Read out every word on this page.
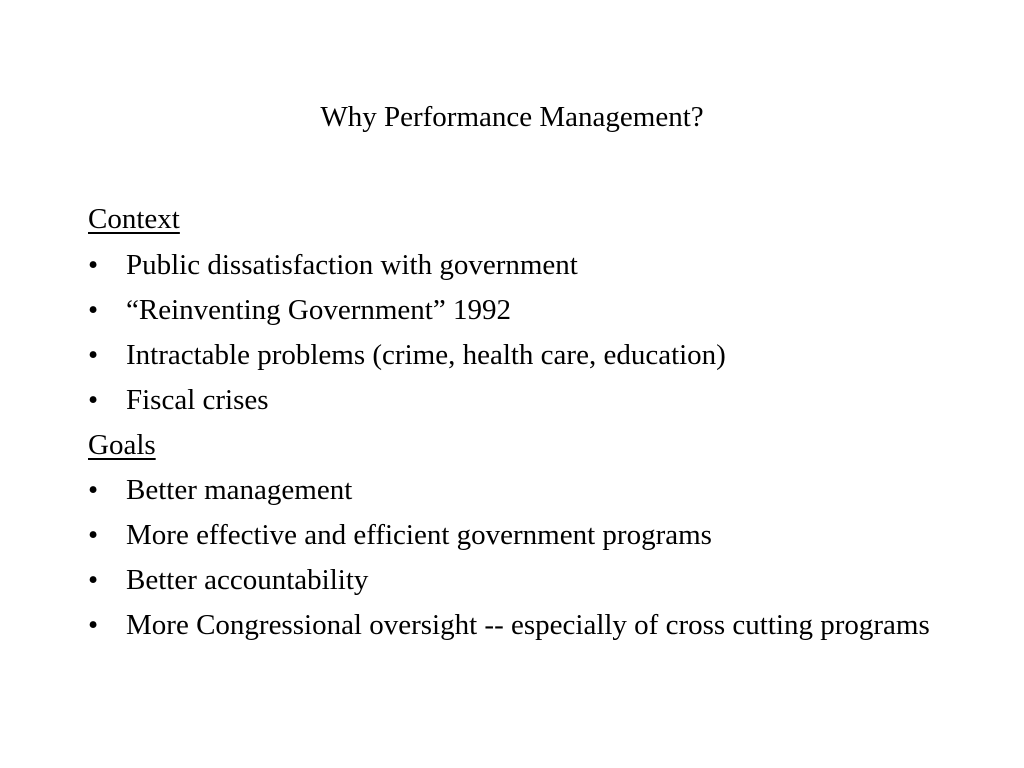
Why Performance Management?
Context
• Public dissatisfaction with government
• “Reinventing Government” 1992
• Intractable problems (crime, health care, education)
• Fiscal crises
Goals
• Better management
• More effective and efficient government programs
• Better accountability
• More Congressional oversight -- especially of cross cutting programs
